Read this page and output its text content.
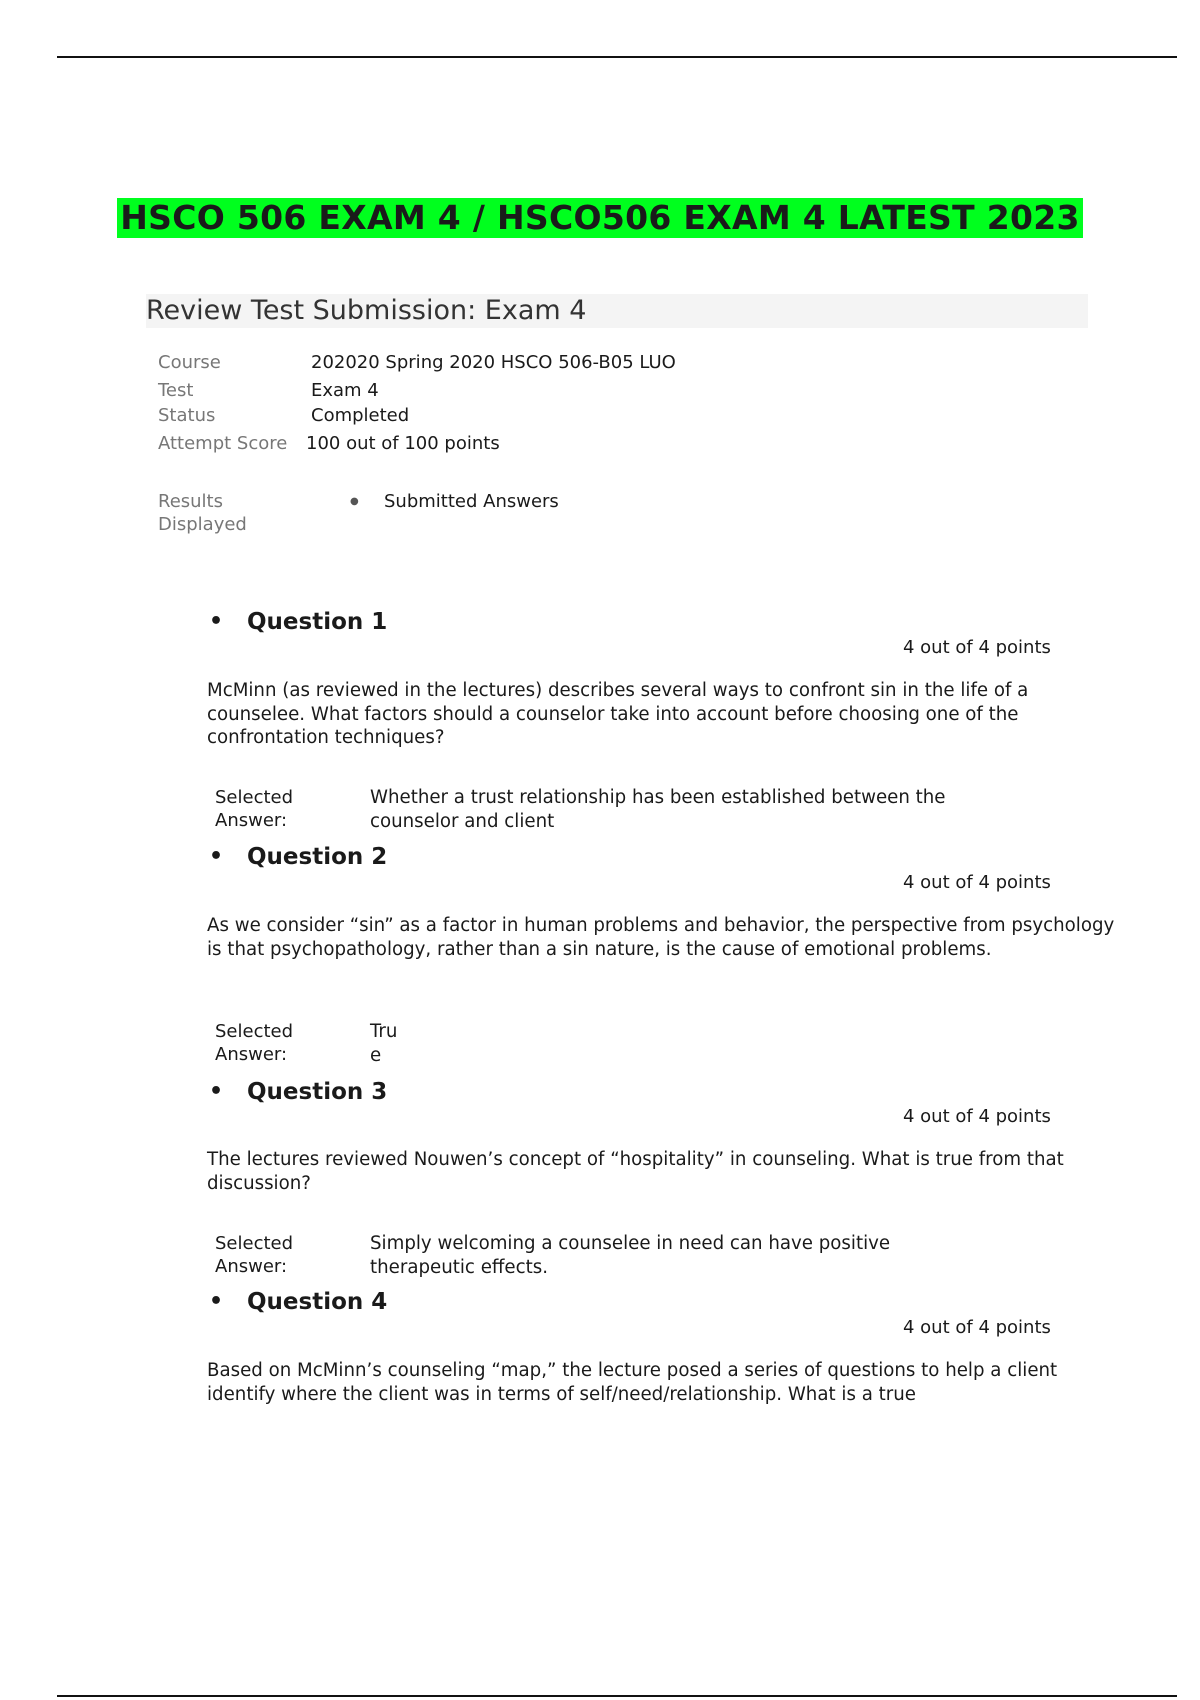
HSCO 506 EXAM 4 / HSCO506 EXAM 4 LATEST 2023
Review Test Submission: Exam 4
Course	202020 Spring 2020 HSCO 506-B05 LUO
Test	Exam 4
Status	Completed
Attempt Score 100 out of 100 points
Results
Displayed
● Submitted Answers
• Question 1
4 out of 4 points

McMinn (as reviewed in the lectures) describes several ways to confront sin in the life of a counselee. What factors should a counselor take into account before choosing one of the confrontation techniques?

Selected
Answer:
Whether a trust relationship has been established between the counselor and client
• Question 2
4 out of 4 points

As we consider “sin” as a factor in human problems and behavior, the perspective from psychology is that psychopathology, rather than a sin nature, is the cause of emotional problems.

Selected
Answer:
True
• Question 3
4 out of 4 points

The lectures reviewed Nouwen’s concept of “hospitality” in counseling. What is true from that discussion?

Selected
Answer:
Simply welcoming a counselee in need can have positive therapeutic effects.
• Question 4
4 out of 4 points

Based on McMinn’s counseling “map,” the lecture posed a series of questions to help a client identify where the client was in terms of self/need/relationship. What is a true
